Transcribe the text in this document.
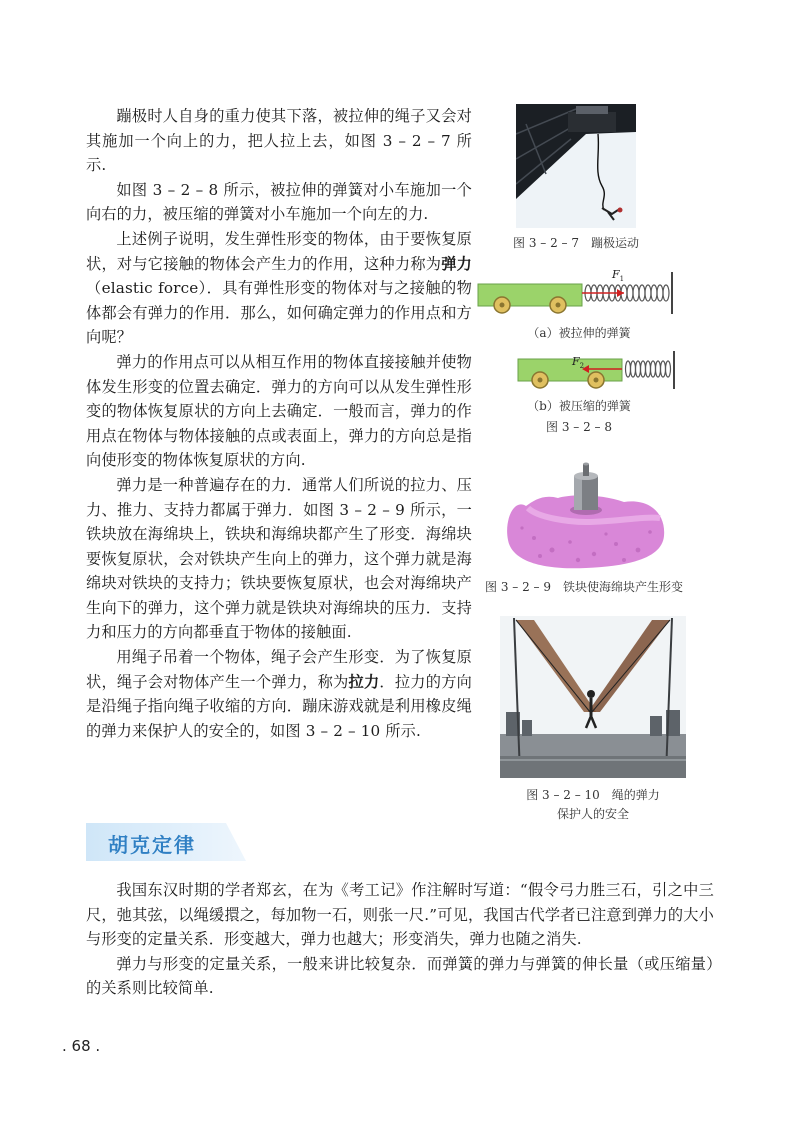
蹦极时人自身的重力使其下落，被拉伸的绳子又会对其施加一个向上的力，把人拉上去，如图 3 – 2 – 7 所示.

如图 3 – 2 – 8 所示，被拉伸的弹簧对小车施加一个向右的力，被压缩的弹簧对小车施加一个向左的力.

上述例子说明，发生弹性形变的物体，由于要恢复原状，对与它接触的物体会产生力的作用，这种力称为弹力（elastic force）．具有弹性形变的物体对与之接触的物体都会有弹力的作用．那么，如何确定弹力的作用点和方向呢？

弹力的作用点可以从相互作用的物体直接接触并使物体发生形变的位置去确定．弹力的方向可以从发生弹性形变的物体恢复原状的方向上去确定．一般而言，弹力的作用点在物体与物体接触的点或表面上，弹力的方向总是指向使形变的物体恢复原状的方向.

弹力是一种普遍存在的力．通常人们所说的拉力、压力、推力、支持力都属于弹力．如图 3 – 2 – 9 所示，一铁块放在海绵块上，铁块和海绵块都产生了形变．海绵块要恢复原状，会对铁块产生向上的弹力，这个弹力就是海绵块对铁块的支持力；铁块要恢复原状，也会对海绵块产生向下的弹力，这个弹力就是铁块对海绵块的压力．支持力和压力的方向都垂直于物体的接触面.

用绳子吊着一个物体，绳子会产生形变．为了恢复原状，绳子会对物体产生一个弹力，称为拉力．拉力的方向是沿绳子指向绳子收缩的方向．蹦床游戏就是利用橡皮绳的弹力来保护人的安全的，如图 3 – 2 – 10 所示.

图 3 – 2 – 7　蹦极运动
$F_1$
（a）被拉伸的弹簧
$F_2$
（b）被压缩的弹簧
图 3 – 2 – 8
图 3 – 2 – 9　铁块使海绵块产生形变
图 3 – 2 – 10　绳的弹力
保护人的安全
胡克定律

我国东汉时期的学者郑玄，在为《考工记》作注解时写道：“假令弓力胜三石，引之中三尺，弛其弦，以绳缓擐之，每加物一石，则张一尺.”可见，我国古代学者已注意到弹力的大小与形变的定量关系．形变越大，弹力也越大；形变消失，弹力也随之消失.

弹力与形变的定量关系，一般来讲比较复杂．而弹簧的弹力与弹簧的伸长量（或压缩量）的关系则比较简单.

. 68 .
